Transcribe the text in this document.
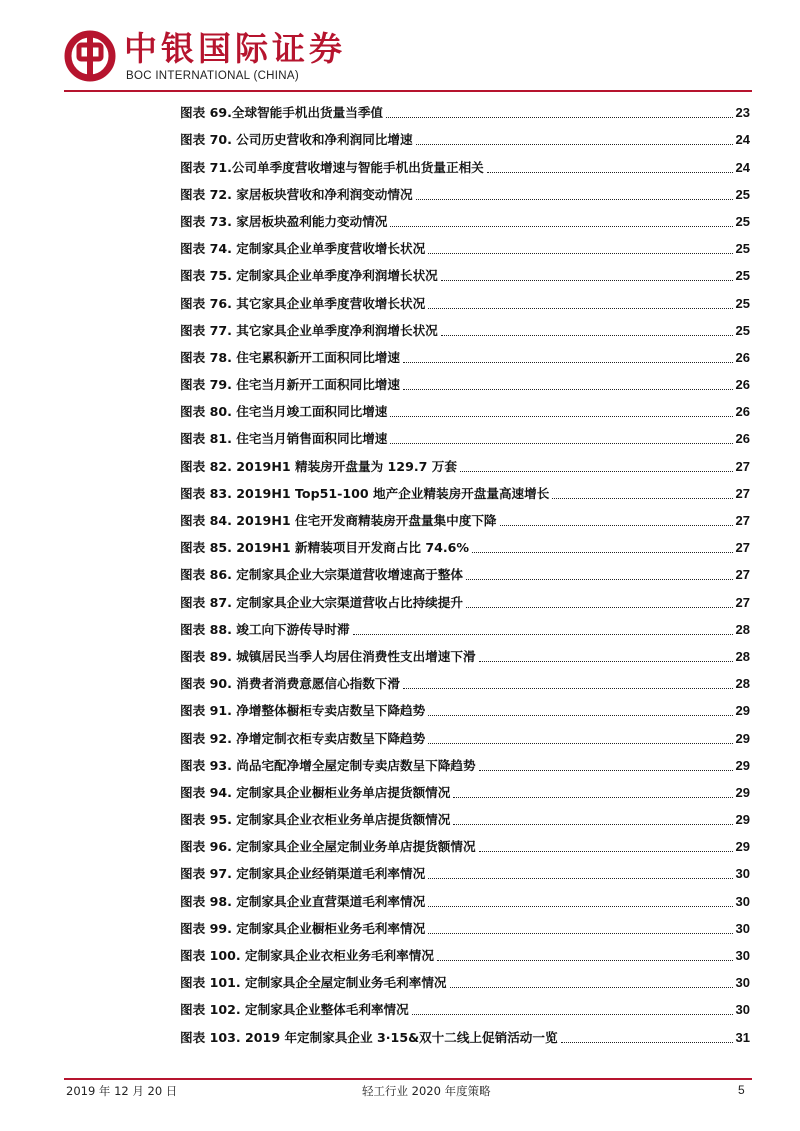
中银国际证券
BOC INTERNATIONAL (CHINA)
图表 69.全球智能手机出货量当季值	23
图表 70. 公司历史营收和净利润同比增速	24
图表 71.公司单季度营收增速与智能手机出货量正相关	24
图表 72. 家居板块营收和净利润变动情况	25
图表 73. 家居板块盈利能力变动情况	25
图表 74. 定制家具企业单季度营收增长状况	25
图表 75. 定制家具企业单季度净利润增长状况	25
图表 76. 其它家具企业单季度营收增长状况	25
图表 77. 其它家具企业单季度净利润增长状况	25
图表 78. 住宅累积新开工面积同比增速	26
图表 79. 住宅当月新开工面积同比增速	26
图表 80. 住宅当月竣工面积同比增速	26
图表 81. 住宅当月销售面积同比增速	26
图表 82. 2019H1 精装房开盘量为 129.7 万套	27
图表 83. 2019H1 Top51-100 地产企业精装房开盘量高速增长	27
图表 84. 2019H1 住宅开发商精装房开盘量集中度下降	27
图表 85. 2019H1 新精装项目开发商占比 74.6%	27
图表 86. 定制家具企业大宗渠道营收增速高于整体	27
图表 87. 定制家具企业大宗渠道营收占比持续提升	27
图表 88. 竣工向下游传导时滞	28
图表 89. 城镇居民当季人均居住消费性支出增速下滑	28
图表 90. 消费者消费意愿信心指数下滑	28
图表 91. 净增整体橱柜专卖店数呈下降趋势	29
图表 92. 净增定制衣柜专卖店数呈下降趋势	29
图表 93. 尚品宅配净增全屋定制专卖店数呈下降趋势	29
图表 94. 定制家具企业橱柜业务单店提货额情况	29
图表 95. 定制家具企业衣柜业务单店提货额情况	29
图表 96. 定制家具企业全屋定制业务单店提货额情况	29
图表 97. 定制家具企业经销渠道毛利率情况	30
图表 98. 定制家具企业直营渠道毛利率情况	30
图表 99. 定制家具企业橱柜业务毛利率情况	30
图表 100. 定制家具企业衣柜业务毛利率情况	30
图表 101. 定制家具企全屋定制业务毛利率情况	30
图表 102. 定制家具企业整体毛利率情况	30
图表 103. 2019 年定制家具企业 3·15&双十二线上促销活动一览	31
2019 年 12 月 20 日	轻工行业 2020 年度策略	5
